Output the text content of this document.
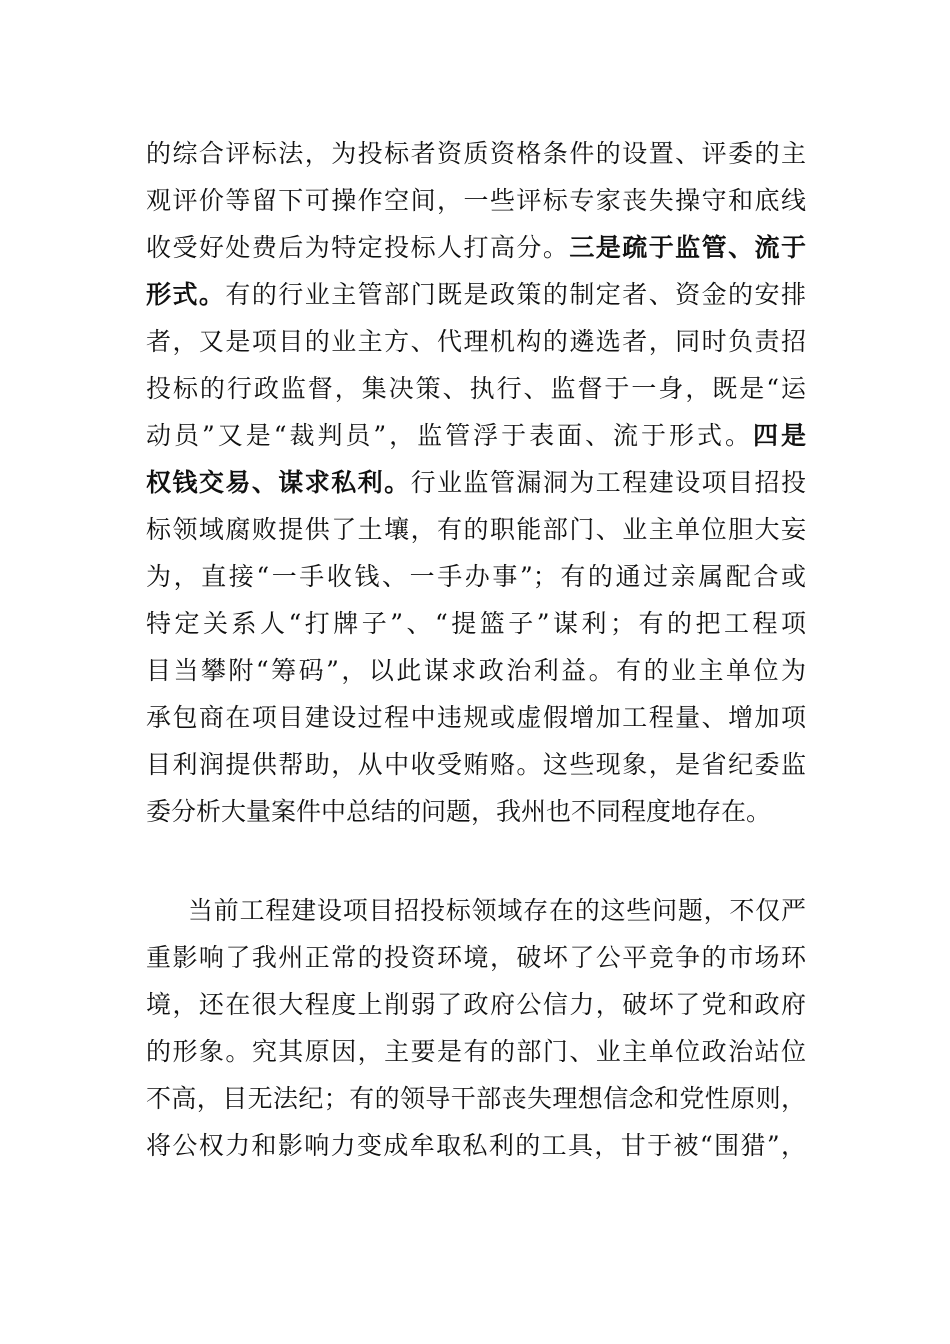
的综合评标法，为投标者资质资格条件的设置、评委的主
观评价等留下可操作空间，一些评标专家丧失操守和底线
收受好处费后为特定投标人打高分。三是疏于监管、流于
形式。有的行业主管部门既是政策的制定者、资金的安排
者，又是项目的业主方、代理机构的遴选者，同时负责招
投标的行政监督，集决策、执行、监督于一身，既是“运
动员”又是“裁判员”，监管浮于表面、流于形式。四是
权钱交易、谋求私利。行业监管漏洞为工程建设项目招投
标领域腐败提供了土壤，有的职能部门、业主单位胆大妄
为，直接“一手收钱、一手办事”；有的通过亲属配合或
特定关系人“打牌子”、“提篮子”谋利；有的把工程项
目当攀附“筹码”，以此谋求政治利益。有的业主单位为
承包商在项目建设过程中违规或虚假增加工程量、增加项
目利润提供帮助，从中收受贿赂。这些现象，是省纪委监
委分析大量案件中总结的问题，我州也不同程度地存在。
当前工程建设项目招投标领域存在的这些问题，不仅严
重影响了我州正常的投资环境，破坏了公平竞争的市场环
境，还在很大程度上削弱了政府公信力，破坏了党和政府
的形象。究其原因，主要是有的部门、业主单位政治站位
不高，目无法纪；有的领导干部丧失理想信念和党性原则，
将公权力和影响力变成牟取私利的工具，甘于被“围猎”，
